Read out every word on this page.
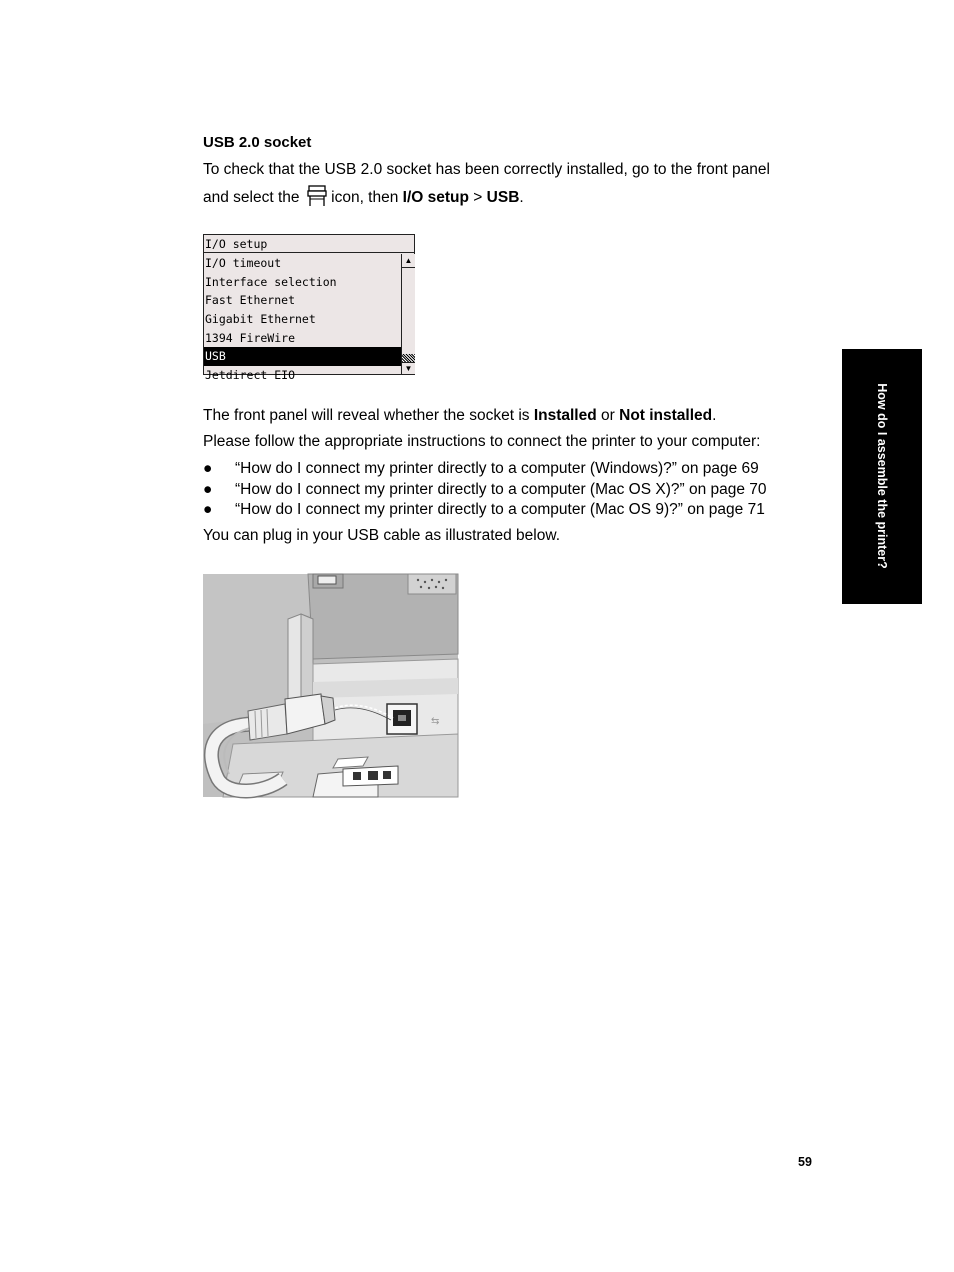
USB 2.0 socket
To check that the USB 2.0 socket has been correctly installed, go to the front panel
and select the  icon, then I/O setup > USB.
I/O setup
I/O timeout
Interface selection
Fast Ethernet
Gigabit Ethernet
1394 FireWire
USB
Jetdirect EIO
▲
▼
The front panel will reveal whether the socket is Installed or Not installed.
Please follow the appropriate instructions to connect the printer to your computer:
● “How do I connect my printer directly to a computer (Windows)?” on page 69
● “How do I connect my printer directly to a computer (Mac OS X)?” on page 70
● “How do I connect my printer directly to a computer (Mac OS 9)?” on page 71
You can plug in your USB cable as illustrated below.
⇆
How do I assemble the printer?
59
